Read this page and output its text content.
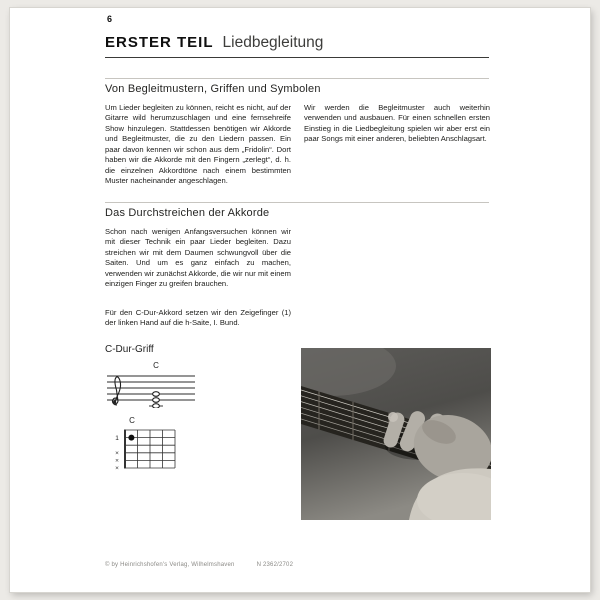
6
ERSTER TEIL Liedbegleitung
Von Begleitmustern, Griffen und Symbolen
Um Lieder begleiten zu können, reicht es nicht, auf der Gitarre wild herumzuschlagen und eine fernsehreife Show hinzulegen. Stattdessen benötigen wir Akkorde und Begleitmuster, die zu den Liedern passen. Ein paar davon kennen wir schon aus dem „Fridolin“. Dort haben wir die Akkorde mit den Fingern „zerlegt“, d. h. die einzelnen Akkordtöne nach einem bestimmten Muster nacheinander angeschlagen.
Wir werden die Begleitmuster auch weiterhin verwenden und ausbauen. Für einen schnellen ersten Einstieg in die Liedbegleitung spielen wir aber erst ein paar Songs mit einer anderen, beliebten Anschlagsart.
Das Durchstreichen der Akkorde
Schon nach wenigen Anfangsversuchen können wir mit dieser Technik ein paar Lieder begleiten. Dazu streichen wir mit dem Daumen schwungvoll über die Saiten. Und um es ganz einfach zu machen, verwenden wir zunächst Akkorde, die wir nur mit einem einzigen Finger zu greifen brauchen.
Für den C-Dur-Akkord setzen wir den Zeigefinger (1) der linken Hand auf die h-Saite, I. Bund.
C-Dur-Griff
C
C
1
×
×
×
© by Heinrichshofen's Verlag, Wilhelmshaven	N 2362/2702
